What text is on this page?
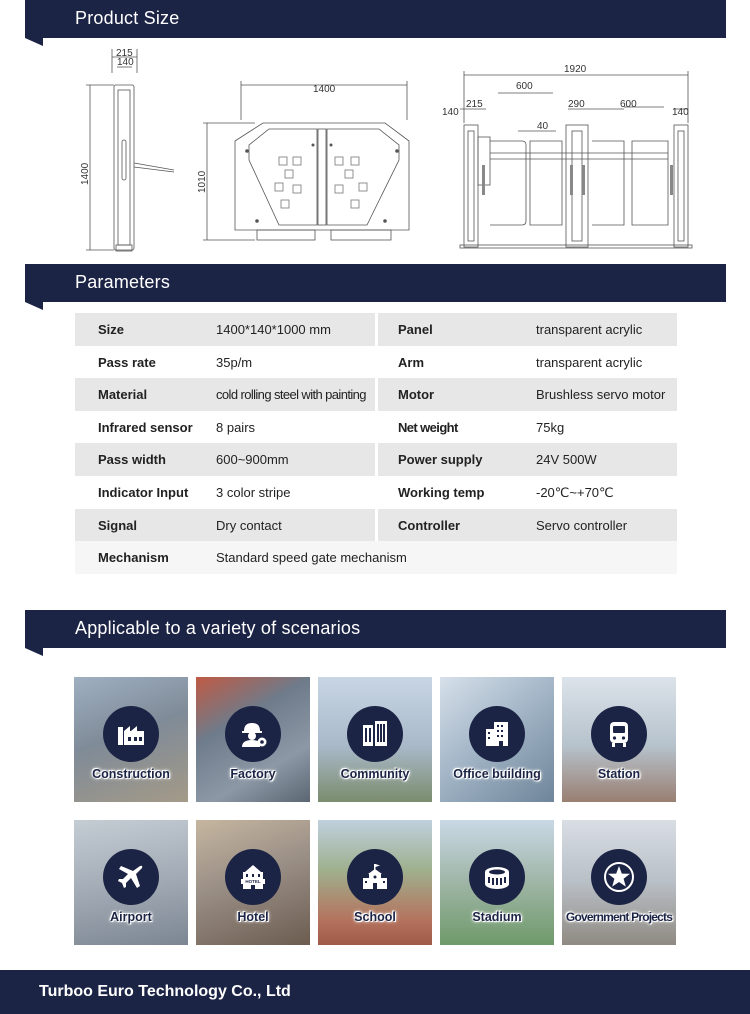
Product Size
215
140
1400
1400
1010
1920
600
140
215
40
290	600
140
Parameters
Size	1400*140*1000 mm	Panel	transparent acrylic
Pass rate	35p/m	Arm	transparent acrylic
Material	cold rolling steel with painting Motor	Brushless servo motor
Infrared sensor 8 pairs	Net weight	75kg
Pass width	600~900mm	Power supply	24V 500W
Indicator Input 3 color stripe	Working temp	-20℃~+70℃
Signal	Dry contact	Controller	Servo controller
Mechanism	Standard speed gate mechanism
Applicable to a variety of scenarios
Construction	Factory	Community	Office building	Station
Airport
HOTEL
Hotel	School	Stadium	Government Projects
Turboo Euro Technology Co., Ltd
